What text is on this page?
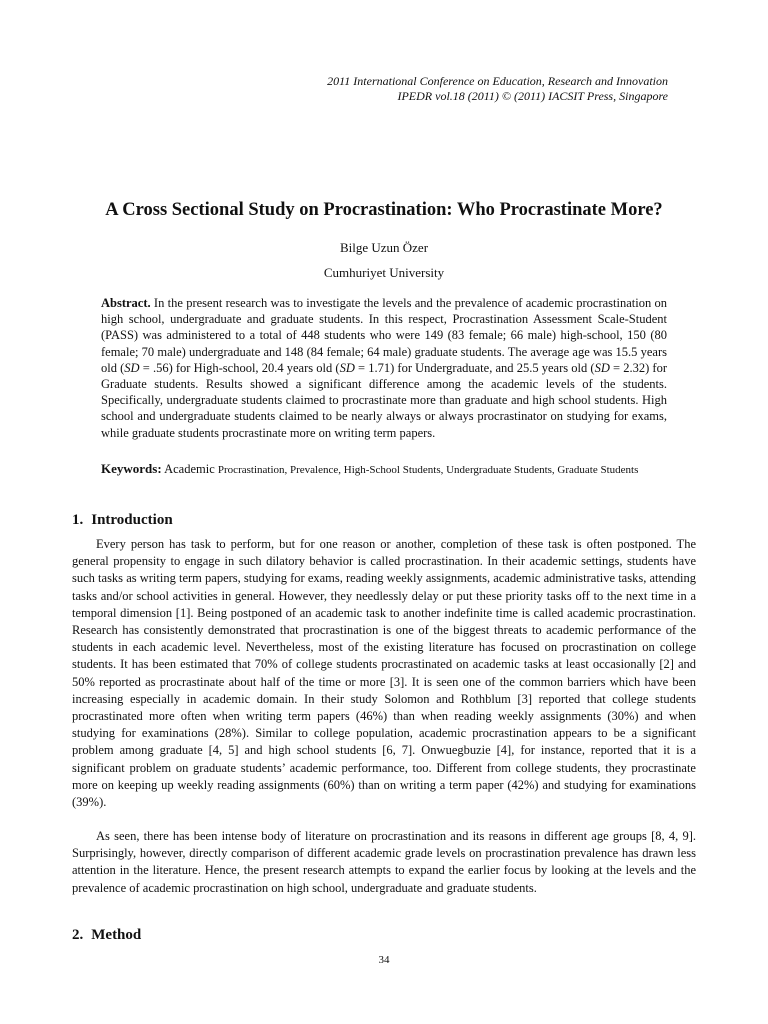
2011 International Conference on Education, Research and Innovation
IPEDR vol.18 (2011) © (2011) IACSIT Press, Singapore
A Cross Sectional Study on Procrastination: Who Procrastinate More?
Bilge Uzun Özer
Cumhuriyet University

Abstract. In the present research was to investigate the levels and the prevalence of academic procrastination on high school, undergraduate and graduate students. In this respect, Procrastination Assessment Scale-Student (PASS) was administered to a total of 448 students who were 149 (83 female; 66 male) high-school, 150 (80 female; 70 male) undergraduate and 148 (84 female; 64 male) graduate students. The average age was 15.5 years old (SD = .56) for High-school, 20.4 years old (SD = 1.71) for Undergraduate, and 25.5 years old (SD = 2.32) for Graduate students. Results showed a significant difference among the academic levels of the students. Specifically, undergraduate students claimed to procrastinate more than graduate and high school students. High school and undergraduate students claimed to be nearly always or always procrastinator on studying for exams, while graduate students procrastinate more on writing term papers.

Keywords: Academic Procrastination, Prevalence, High-School Students, Undergraduate Students, Graduate Students

1. Introduction

Every person has task to perform, but for one reason or another, completion of these task is often postponed. The general propensity to engage in such dilatory behavior is called procrastination. In their academic settings, students have such tasks as writing term papers, studying for exams, reading weekly assignments, academic administrative tasks, attending tasks and/or school activities in general. However, they needlessly delay or put these priority tasks off to the next time in a temporal dimension [1]. Being postponed of an academic task to another indefinite time is called academic procrastination. Research has consistently demonstrated that procrastination is one of the biggest threats to academic performance of the students in each academic level. Nevertheless, most of the existing literature has focused on procrastination on college students. It has been estimated that 70% of college students procrastinated on academic tasks at least occasionally [2] and 50% reported as procrastinate about half of the time or more [3]. It is seen one of the common barriers which have been increasing especially in academic domain. In their study Solomon and Rothblum [3] reported that college students procrastinated more often when writing term papers (46%) than when reading weekly assignments (30%) and when studying for examinations (28%). Similar to college population, academic procrastination appears to be a significant problem among graduate [4, 5] and high school students [6, 7]. Onwuegbuzie [4], for instance, reported that it is a significant problem on graduate students’ academic performance, too. Different from college students, they procrastinate more on keeping up weekly reading assignments (60%) than on writing a term paper (42%) and studying for examinations (39%).

As seen, there has been intense body of literature on procrastination and its reasons in different age groups [8, 4, 9]. Surprisingly, however, directly comparison of different academic grade levels on procrastination prevalence has drawn less attention in the literature. Hence, the present research attempts to expand the earlier focus by looking at the levels and the prevalence of academic procrastination on high school, undergraduate and graduate students.

2. Method
34
